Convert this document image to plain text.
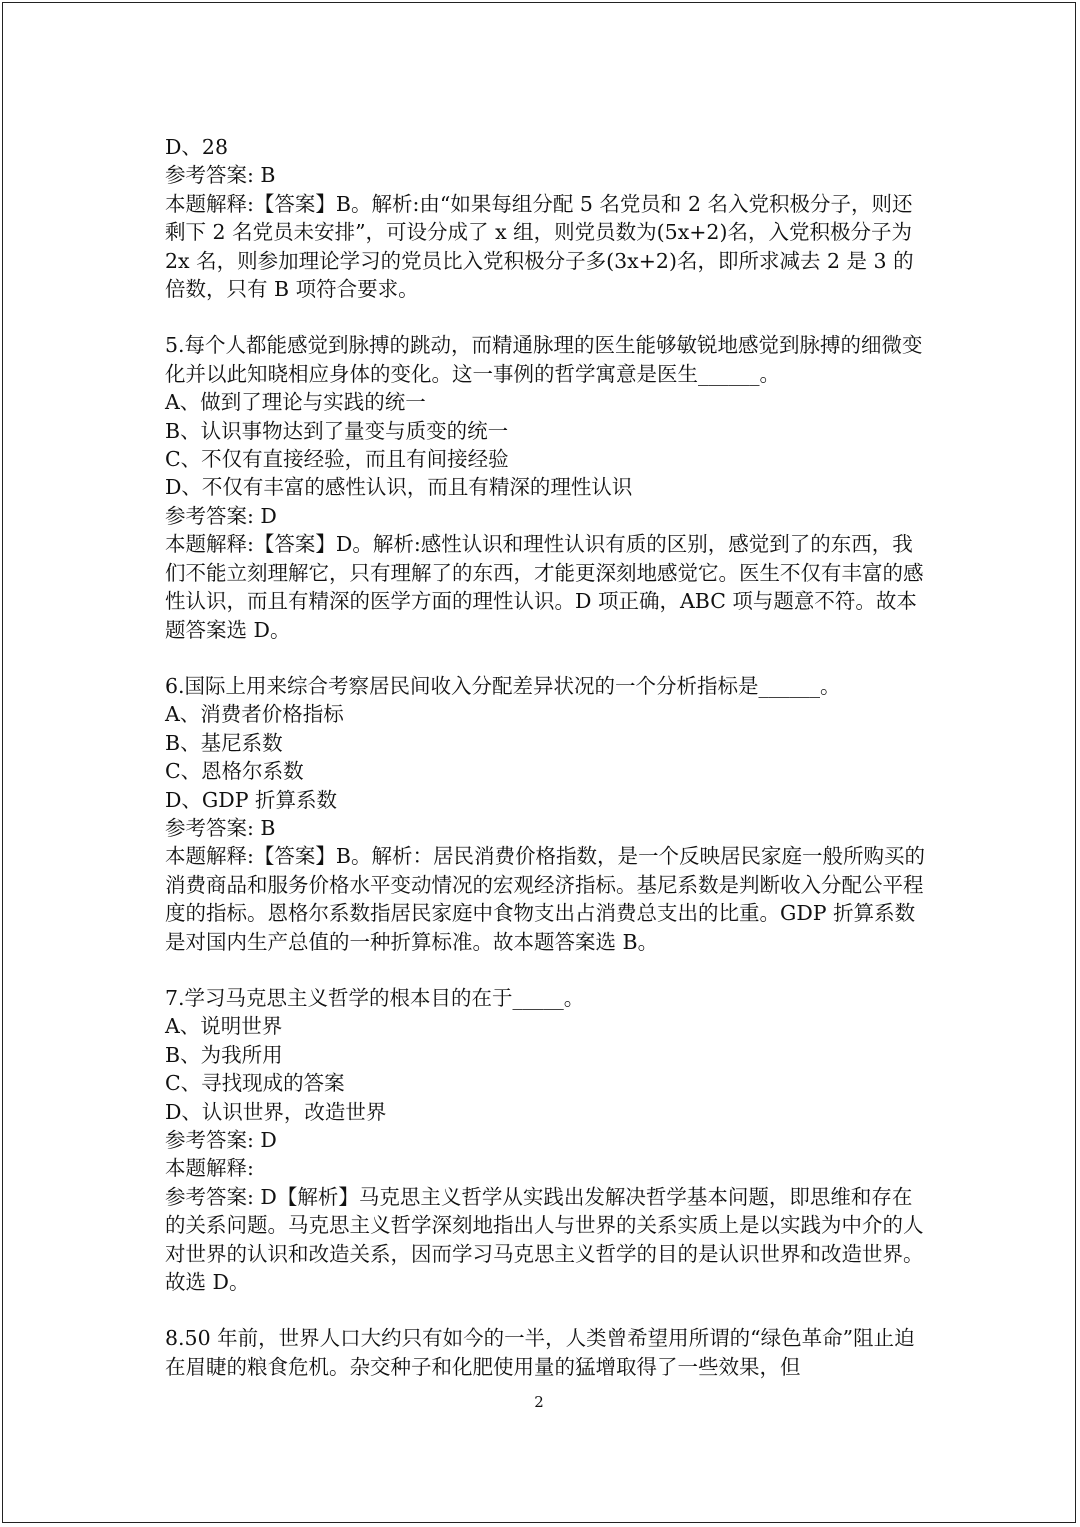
D、28

参考答案: B

本题解释:【答案】B。解析:由“如果每组分配 5 名党员和 2 名入党积极分子，则还剩下 2 名党员未安排”，可设分成了 x 组，则党员数为(5x+2)名，入党积极分子为 2x 名，则参加理论学习的党员比入党积极分子多(3x+2)名，即所求减去 2 是 3 的倍数，只有 B 项符合要求。

5.每个人都能感觉到脉搏的跳动，而精通脉理的医生能够敏锐地感觉到脉搏的细微变化并以此知晓相应身体的变化。这一事例的哲学寓意是医生______。

A、做到了理论与实践的统一

B、认识事物达到了量变与质变的统一

C、不仅有直接经验，而且有间接经验

D、不仅有丰富的感性认识，而且有精深的理性认识

参考答案: D

本题解释:【答案】D。解析:感性认识和理性认识有质的区别，感觉到了的东西，我们不能立刻理解它，只有理解了的东西，才能更深刻地感觉它。医生不仅有丰富的感性认识，而且有精深的医学方面的理性认识。D 项正确，ABC 项与题意不符。故本题答案选 D。

6.国际上用来综合考察居民间收入分配差异状况的一个分析指标是______。

A、消费者价格指标

B、基尼系数

C、恩格尔系数

D、GDP 折算系数

参考答案: B

本题解释:【答案】B。解析：居民消费价格指数，是一个反映居民家庭一般所购买的消费商品和服务价格水平变动情况的宏观经济指标。基尼系数是判断收入分配公平程度的指标。恩格尔系数指居民家庭中食物支出占消费总支出的比重。GDP 折算系数是对国内生产总值的一种折算标准。故本题答案选 B。

7.学习马克思主义哲学的根本目的在于_____。

A、说明世界

B、为我所用

C、寻找现成的答案

D、认识世界，改造世界

参考答案: D

本题解释:

参考答案: D【解析】马克思主义哲学从实践出发解决哲学基本问题，即思维和存在的关系问题。马克思主义哲学深刻地指出人与世界的关系实质上是以实践为中介的人对世界的认识和改造关系，因而学习马克思主义哲学的目的是认识世界和改造世界。故选 D。

8.50 年前，世界人口大约只有如今的一半，人类曾希望用所谓的“绿色革命”阻止迫在眉睫的粮食危机。杂交种子和化肥使用量的猛增取得了一些效果，但

2
